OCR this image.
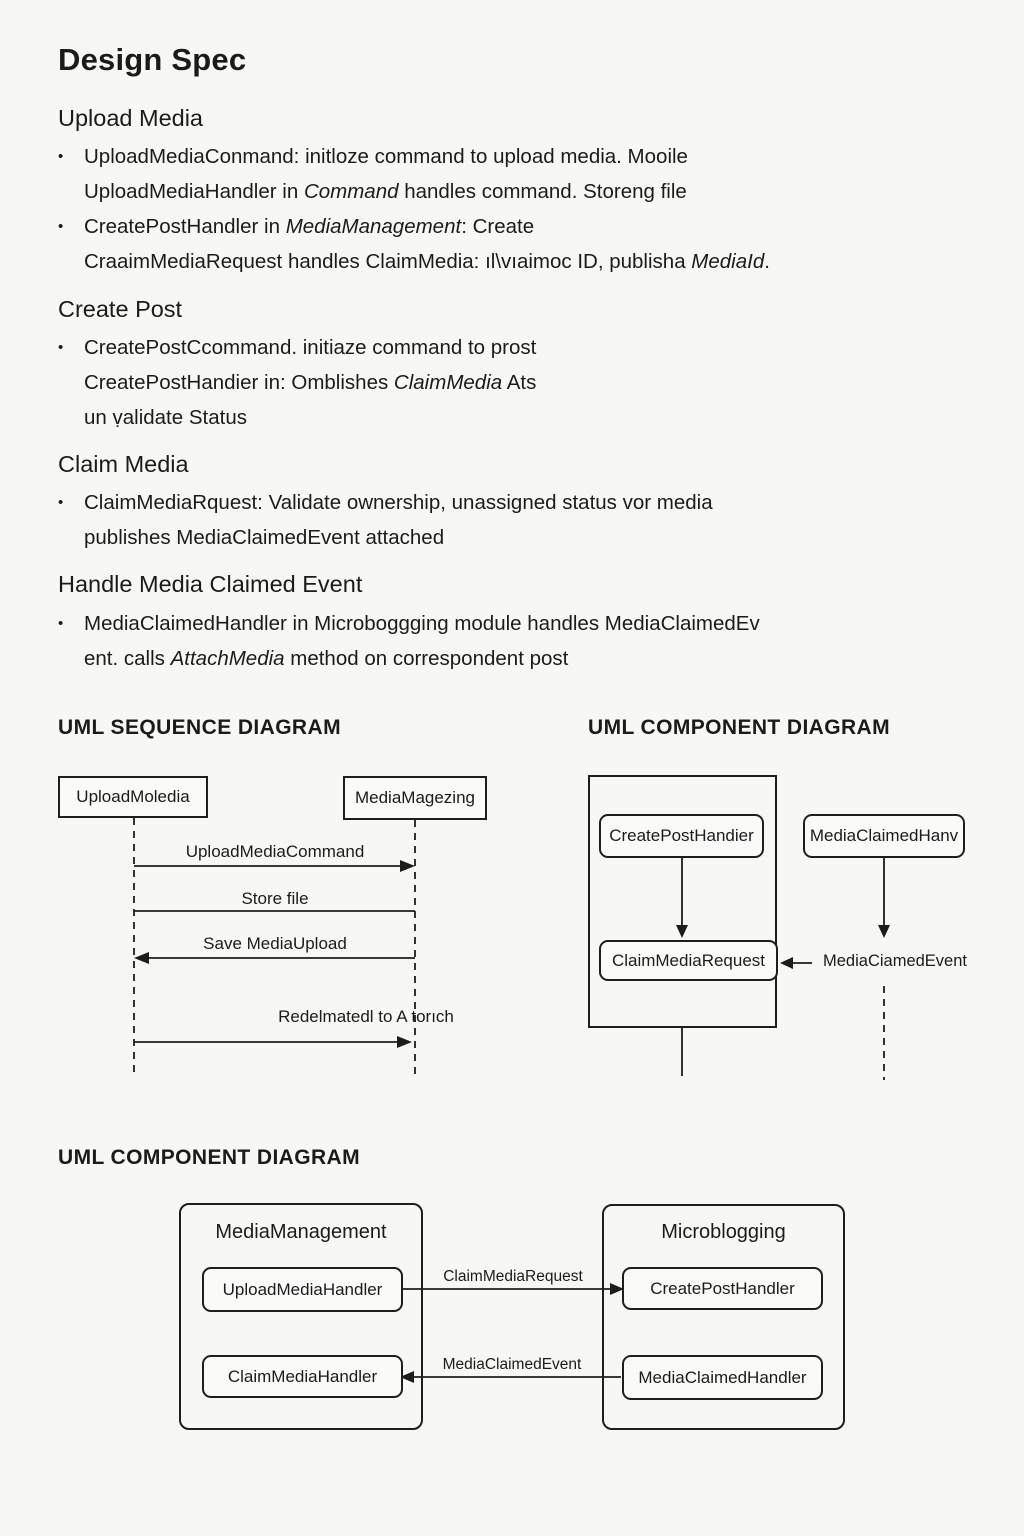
Design Spec
Upload Media
•	UploadMediaConmand: initloze command to upload media. Mooile
UploadMediaHandler in Command handles command. Storeng file
•	CreatePostHandler in MediaManagement: Create
CraaimMediaRequest handles ClaimMedia: ıl\vıaimoc ID, publisha MediaId.
Create Post
•	CreatePostCcommand. initiaze command to prost
CreatePostHandier in: Omblishes ClaimMedia Ats
un ṿalidate Status
Claim Media
•	ClaimMediaRquest: Validate ownership, unassigned status vor media
publishes MediaClaimedEvent attached
Handle Media Claimed Event
•	MediaClaimedHandler in Microboggging module handles MediaClaimedEv
ent. calls AttachMedia method on correspondent post
UML SEQUENCE DIAGRAM	UML COMPONENT DIAGRAM
UML COMPONENT DIAGRAM
UploadMoledia	MediaMagezing
UploadMediaCommand
Store file
Save MediaUpload
Redelmatedl to A torıch
CreatePostHandier
ClaimMediaRequest
MediaClaimedHanv
MediaCiamedEvent
MediaManagement	Microblogging
UploadMediaHandler	CreatePostHandler
ClaimMediaHandler	MediaClaimedHandler
ClaimMediaRequest
MediaClaimedEvent
